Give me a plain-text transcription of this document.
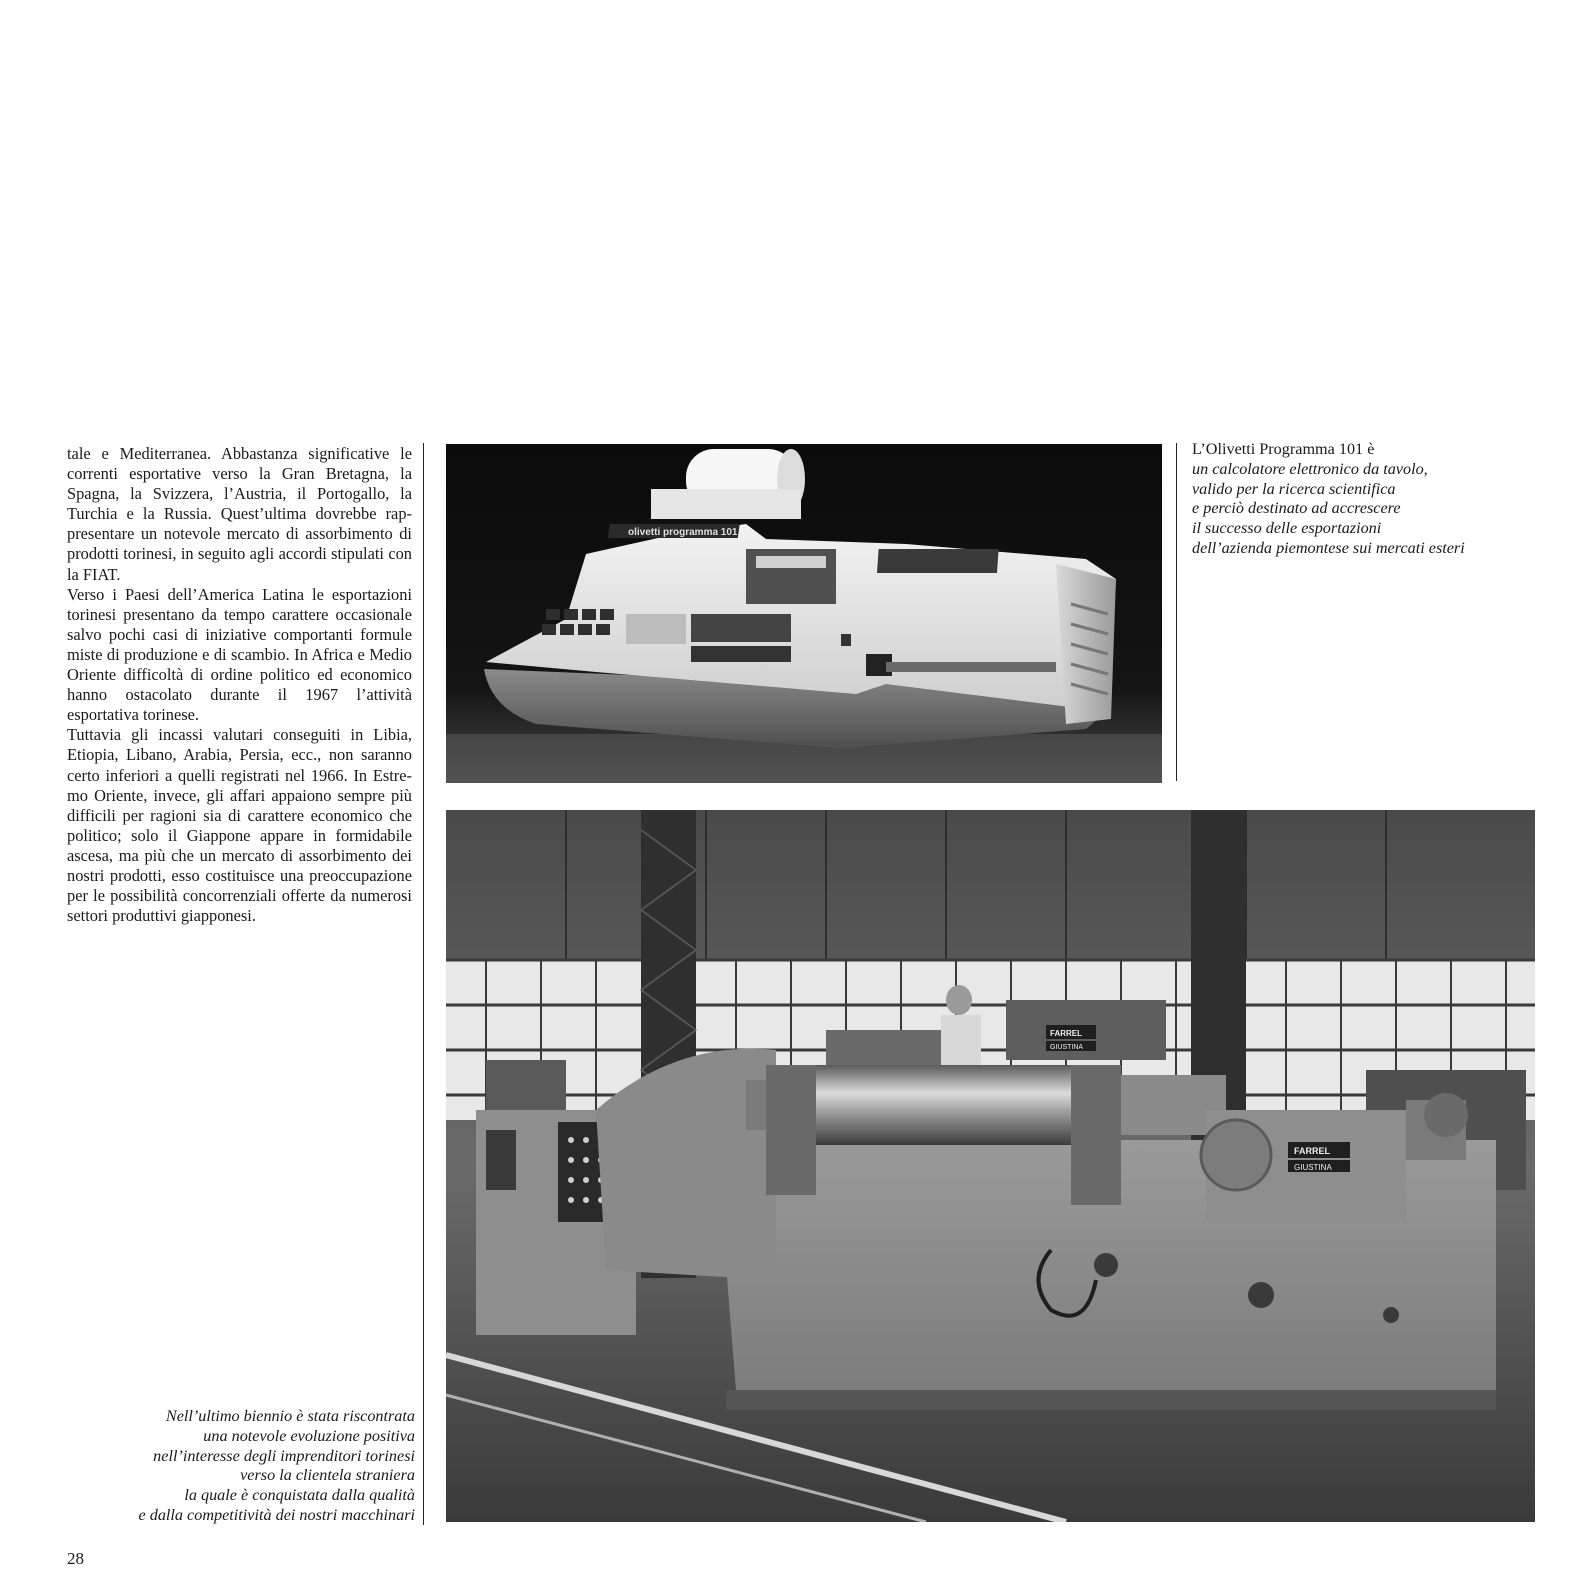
tale e Mediterranea. Abbastanza significative le correnti esportative verso la Gran Bretagna, la Spagna, la Svizzera, l’Austria, il Portogallo, la Turchia e la Russia. Quest’ultima dovrebbe rappresentare un notevole mercato di assorbimento di prodotti torinesi, in seguito agli accordi stipulati con la FIAT.

Verso i Paesi dell’America Latina le esportazioni torinesi presentano da tempo carattere occasionale salvo pochi casi di iniziative comportanti formule miste di produzione e di scambio. In Africa e Medio Oriente difficoltà di ordine politico ed economico hanno ostacolato durante il 1967 l’attività esportativa torinese.

Tuttavia gli incassi valutari conseguiti in Libia, Etiopia, Libano, Arabia, Persia, ecc., non saranno certo inferiori a quelli registrati nel 1966. In Estremo Oriente, invece, gli affari appaiono sempre più difficili per ragioni sia di carattere economico che politico; solo il Giappone appare in formidabile ascesa, ma più che un mercato di assorbimento dei nostri prodotti, esso costituisce una preoccupazione per le possibilità concorrenziali offerte da numerosi settori produttivi giapponesi.

olivetti programma 101
L’Olivetti Programma 101 è
un calcolatore elettronico da tavolo,
valido per la ricerca scientifica
e perciò destinato ad accrescere
il successo delle esportazioni
dell’azienda piemontese sui mercati esteri
FARREL
GIUSTINA
FARREL
GIUSTINA
Nell’ultimo biennio è stata riscontrata
una notevole evoluzione positiva
nell’interesse degli imprenditori torinesi
verso la clientela straniera
la quale è conquistata dalla qualità
e dalla competitività dei nostri macchinari
28
